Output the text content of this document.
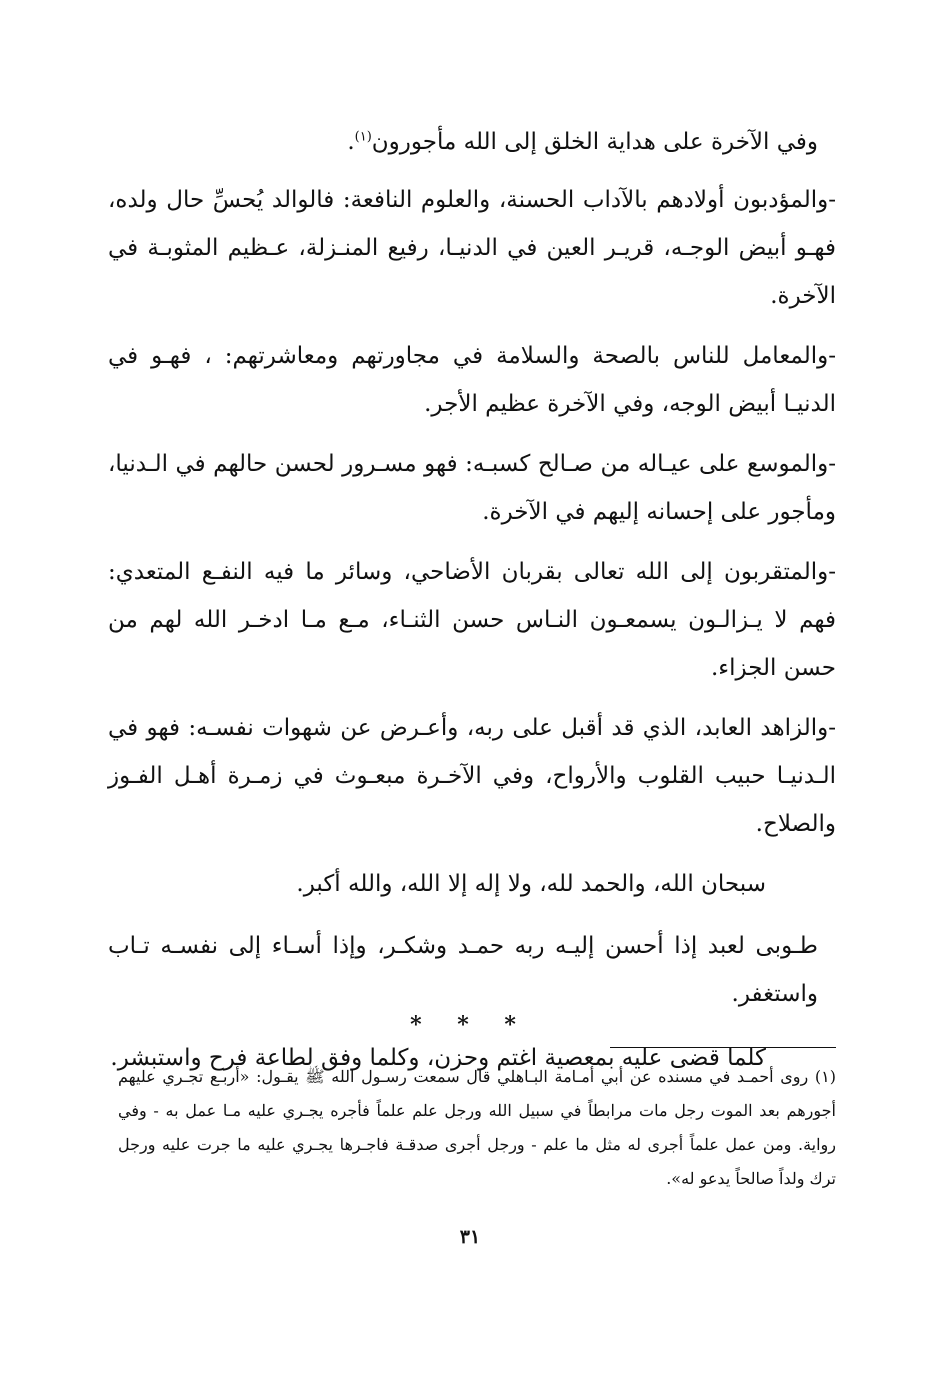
وفي الآخرة على هداية الخلق إلى الله مأجورون$^{(١)}$.

-والمؤدبون أولادهم بالآداب الحسنة، والعلوم النافعة: فالوالد يُحسِّ حال ولده، فهـو أبيض الوجـه، قريـر العين في الدنيـا، رفيع المنـزلة، عـظيم المثوبـة في الآخرة.

-والمعامل للناس بالصحة والسلامة في مجاورتهم ومعاشرتهم: ، فهـو في الدنيـا أبيض الوجه، وفي الآخرة عظيم الأجر.

-والموسع على عيـاله من صـالح كسبـه: فهو مسـرور لحسن حالهم في الـدنيا، ومأجور على إحسانه إليهم في الآخرة.

-والمتقربون إلى الله تعالى بقربان الأضاحي، وسائر ما فيه النفـع المتعدي: فهم لا يـزالـون يسمعـون النـاس حسن الثنـاء، مـع مـا ادخـر الله لهم من حسن الجزاء.

-والزاهد العابد، الذي قد أقبل على ربه، وأعـرض عن شهوات نفسـه: فهو في الـدنيـا حبيب القلوب والأرواح، وفي الآخـرة مبعـوث في زمـرة أهـل الفـوز والصلاح.

سبحان الله، والحمد لله، ولا إله إلا الله، والله أكبر.

طـوبى لعبد إذا أحسن إليـه ربه حمـد وشكـر، وإذا أسـاء إلى نفسـه تـاب واستغفر.

كلما قضى عليه بمعصية اغتم وحزن، وكلما وفق لطاعة فرح واستبشر.

* * *

(١) روى أحمـد في مسنده عن أبي أمـامة البـاهلي قال سمعت رسـول الله ﷺ يقـول: «أربـع تجـري عليهم أجورهم بعد الموت رجل مات مرابطاً في سبيل الله ورجل علم علماً فأجره يجـري عليه مـا عمل به - وفي رواية. ومن عمل علماً أجرى له مثل ما علم - ورجل أجرى صدقـة فاجـرها يجـري عليه ما جرت عليه ورجل ترك ولداً صالحاً يدعو له».

٣١
